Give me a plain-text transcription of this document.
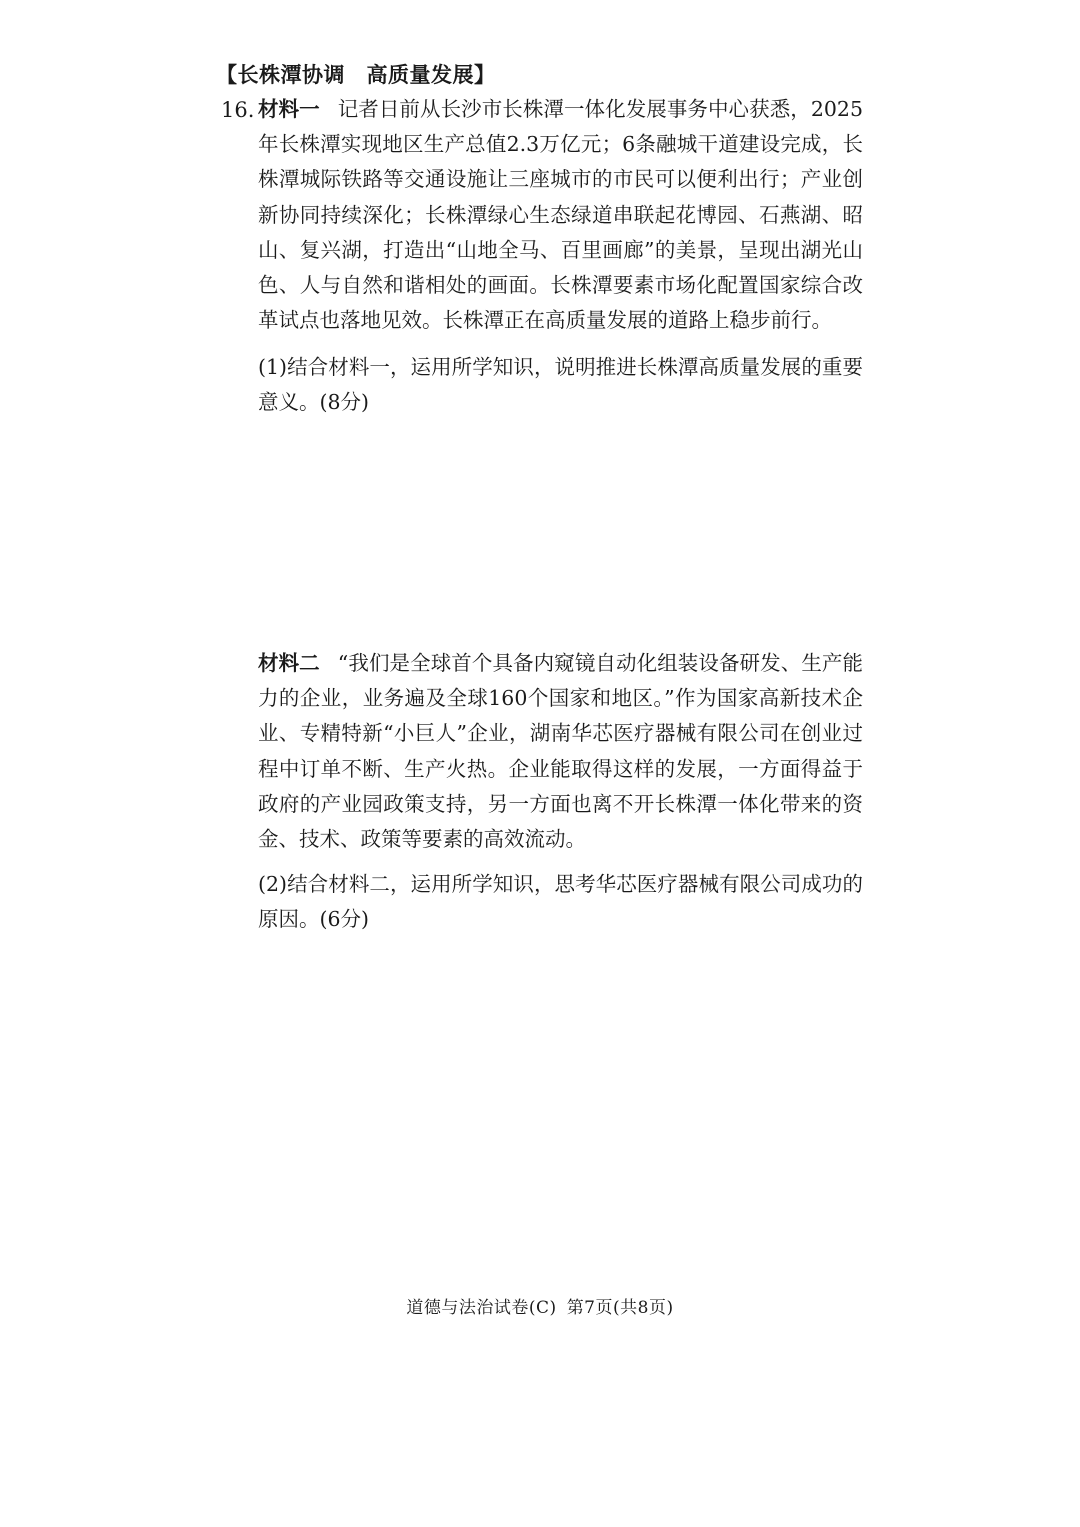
【长株潭协调　高质量发展】
16. 材料一 记者日前从长沙市长株潭一体化发展事务中心获悉，2025年长株潭实现地区生产总值2.3万亿元；6条融城干道建设完成，长株潭城际铁路等交通设施让三座城市的市民可以便利出行；产业创新协同持续深化；长株潭绿心生态绿道串联起花博园、石燕湖、昭山、复兴湖，打造出“山地全马、百里画廊”的美景，呈现出湖光山色、人与自然和谐相处的画面。长株潭要素市场化配置国家综合改革试点也落地见效。长株潭正在高质量发展的道路上稳步前行。

(1)结合材料一，运用所学知识，说明推进长株潭高质量发展的重要意义。(8分)

材料二 “我们是全球首个具备内窥镜自动化组装设备研发、生产能力的企业，业务遍及全球160个国家和地区。”作为国家高新技术企业、专精特新“小巨人”企业，湖南华芯医疗器械有限公司在创业过程中订单不断、生产火热。企业能取得这样的发展，一方面得益于政府的产业园政策支持，另一方面也离不开长株潭一体化带来的资金、技术、政策等要素的高效流动。

(2)结合材料二，运用所学知识，思考华芯医疗器械有限公司成功的原因。(6分)

道德与法治试卷(C) 第7页(共8页)
